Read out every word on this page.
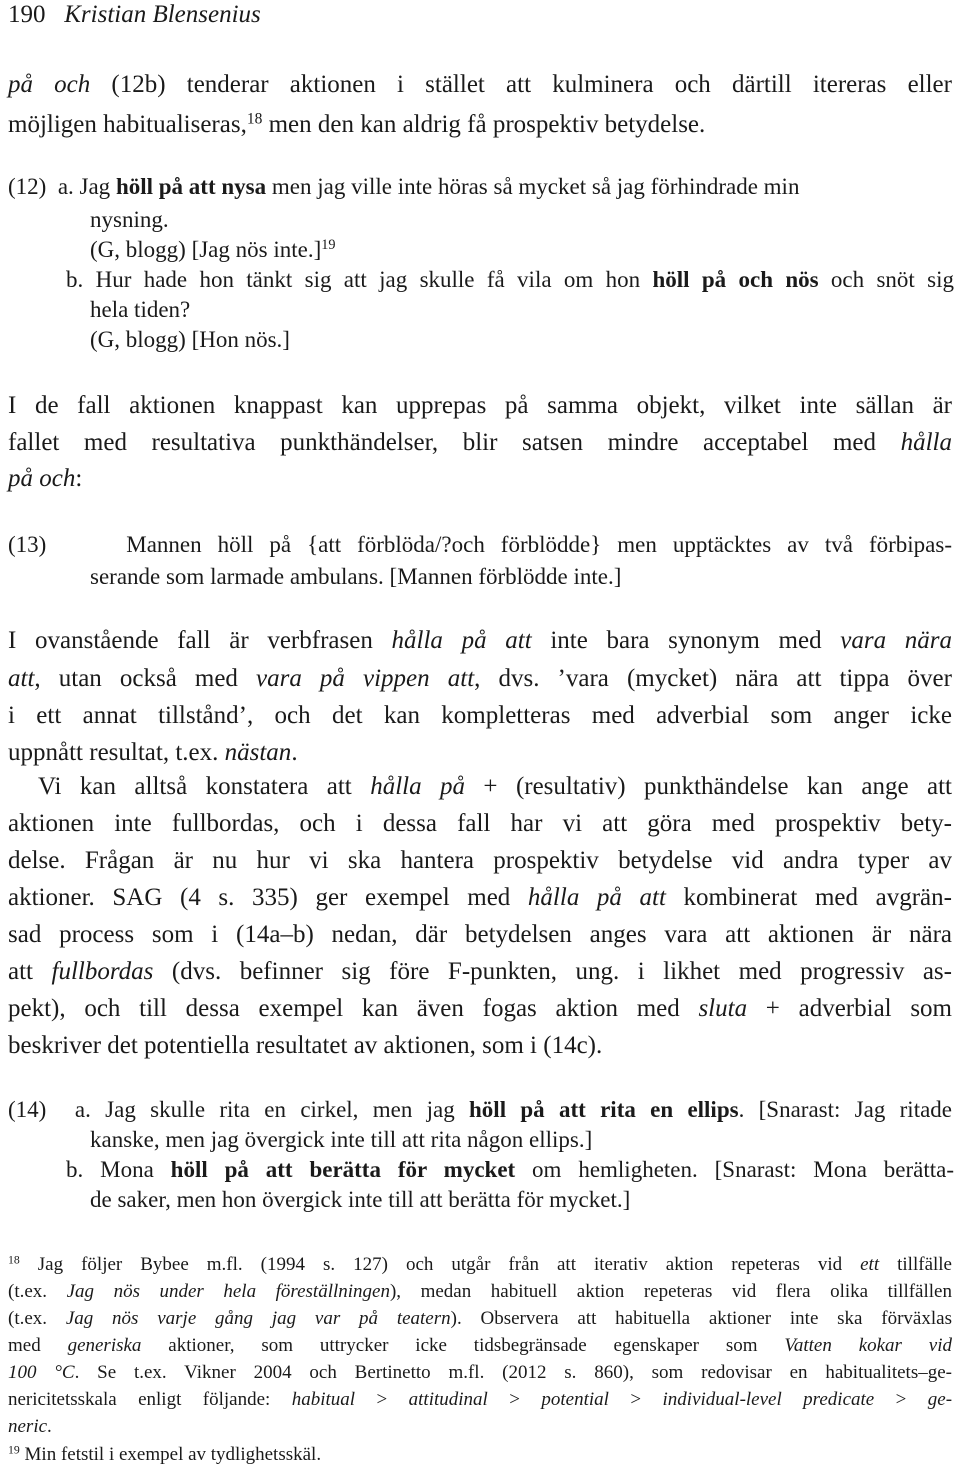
190   Kristian Blensenius
på och (12b) tenderar aktionen i stället att kulminera och därtill itereras eller
möjligen habitualiseras,$^{18}$ men den kan aldrig få prospektiv betydelse.
(12)  a. Jag höll på att nysa men jag ville inte höras så mycket så jag förhindrade min
nysning.
(G, blogg) [Jag nös inte.]$^{19}$
b. Hur hade hon tänkt sig att jag skulle få vila om hon höll på och nös och snöt sig
hela tiden?
(G, blogg) [Hon nös.]
I de fall aktionen knappast kan upprepas på samma objekt, vilket inte sällan är
fallet med resultativa punkthändelser, blir satsen mindre acceptabel med hålla
på och:
(13)     Mannen höll på {att förblöda/?och förblödde} men upptäcktes av två förbipas-
serande som larmade ambulans. [Mannen förblödde inte.]
I ovanstående fall är verbfrasen hålla på att inte bara synonym med vara nära
att, utan också med vara på vippen att, dvs. ’vara (mycket) nära att tippa över
i ett annat tillstånd’, och det kan kompletteras med adverbial som anger icke
uppnått resultat, t.ex. nästan.
Vi kan alltså konstatera att hålla på + (resultativ) punkthändelse kan ange att
aktionen inte fullbordas, och i dessa fall har vi att göra med prospektiv bety-
delse. Frågan är nu hur vi ska hantera prospektiv betydelse vid andra typer av
aktioner. SAG (4 s. 335) ger exempel med hålla på att kombinerat med avgrän-
sad process som i (14a–b) nedan, där betydelsen anges vara att aktionen är nära
att fullbordas (dvs. befinner sig före F-punkten, ung. i likhet med progressiv as-
pekt), och till dessa exempel kan även fogas aktion med sluta + adverbial som
beskriver det potentiella resultatet av aktionen, som i (14c).
(14)  a. Jag skulle rita en cirkel, men jag höll på att rita en ellips. [Snarast: Jag ritade
kanske, men jag övergick inte till att rita någon ellips.]
b. Mona höll på att berätta för mycket om hemligheten. [Snarast: Mona berätta-
de saker, men hon övergick inte till att berätta för mycket.]
$^{18}$ Jag följer Bybee m.fl. (1994 s. 127) och utgår från att iterativ aktion repeteras vid ett tillfälle
(t.ex. Jag nös under hela föreställningen), medan habituell aktion repeteras vid flera olika tillfällen
(t.ex. Jag nös varje gång jag var på teatern). Observera att habituella aktioner inte ska förväxlas
med generiska aktioner, som uttrycker icke tidsbegränsade egenskaper som Vatten kokar vid
100 °C. Se t.ex. Vikner 2004 och Bertinetto m.fl. (2012 s. 860), som redovisar en habitualitets–ge-
nericitetsskala enligt följande: habitual > attitudinal > potential > individual-level predicate > ge-
neric.
$^{19}$ Min fetstil i exempel av tydlighetsskäl.
